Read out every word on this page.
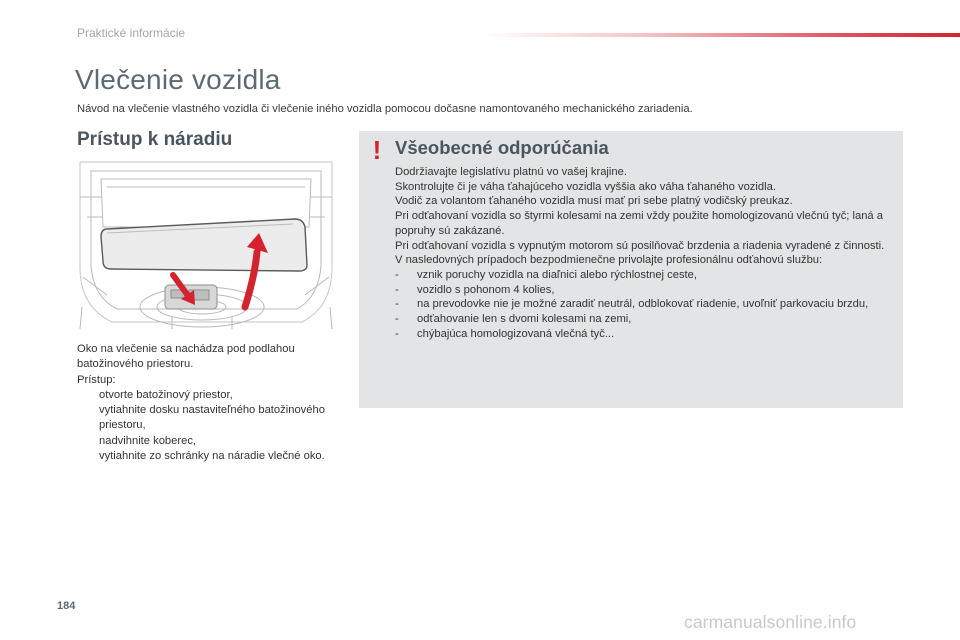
Praktické informácie
Vlečenie vozidla
Návod na vlečenie vlastného vozidla či vlečenie iného vozidla pomocou dočasne namontovaného mechanického zariadenia.
Prístup k náradiu

Oko na vlečenie sa nachádza pod podlahou batožinového priestoru.

Prístup:

otvorte batožinový priestor,
vytiahnite dosku nastaviteľného batožinového priestoru,
nadvihnite koberec,
vytiahnite zo schránky na náradie vlečné oko.
! Všeobecné odporúčania

Dodržiavajte legislatívu platnú vo vašej krajine.

Skontrolujte či je váha ťahajúceho vozidla vyššia ako váha ťahaného vozidla.

Vodič za volantom ťahaného vozidla musí mať pri sebe platný vodičský preukaz.

Pri odťahovaní vozidla so štyrmi kolesami na zemi vždy použite homologizovanú vlečnú tyč; laná a popruhy sú zakázané.

Pri odťahovaní vozidla s vypnutým motorom sú posilňovač brzdenia a riadenia vyradené z činnosti.

V nasledovných prípadoch bezpodmienečne privolajte profesionálnu odťahovú službu:

- vznik poruchy vozidla na diaľnici alebo rýchlostnej ceste,
- vozidlo s pohonom 4 kolies,
- na prevodovke nie je možné zaradiť neutrál, odblokovať riadenie, uvoľniť parkovaciu brzdu,
- odťahovanie len s dvomi kolesami na zemi,
- chýbajúca homologizovaná vlečná tyč...
184
carmanualsonline.info
